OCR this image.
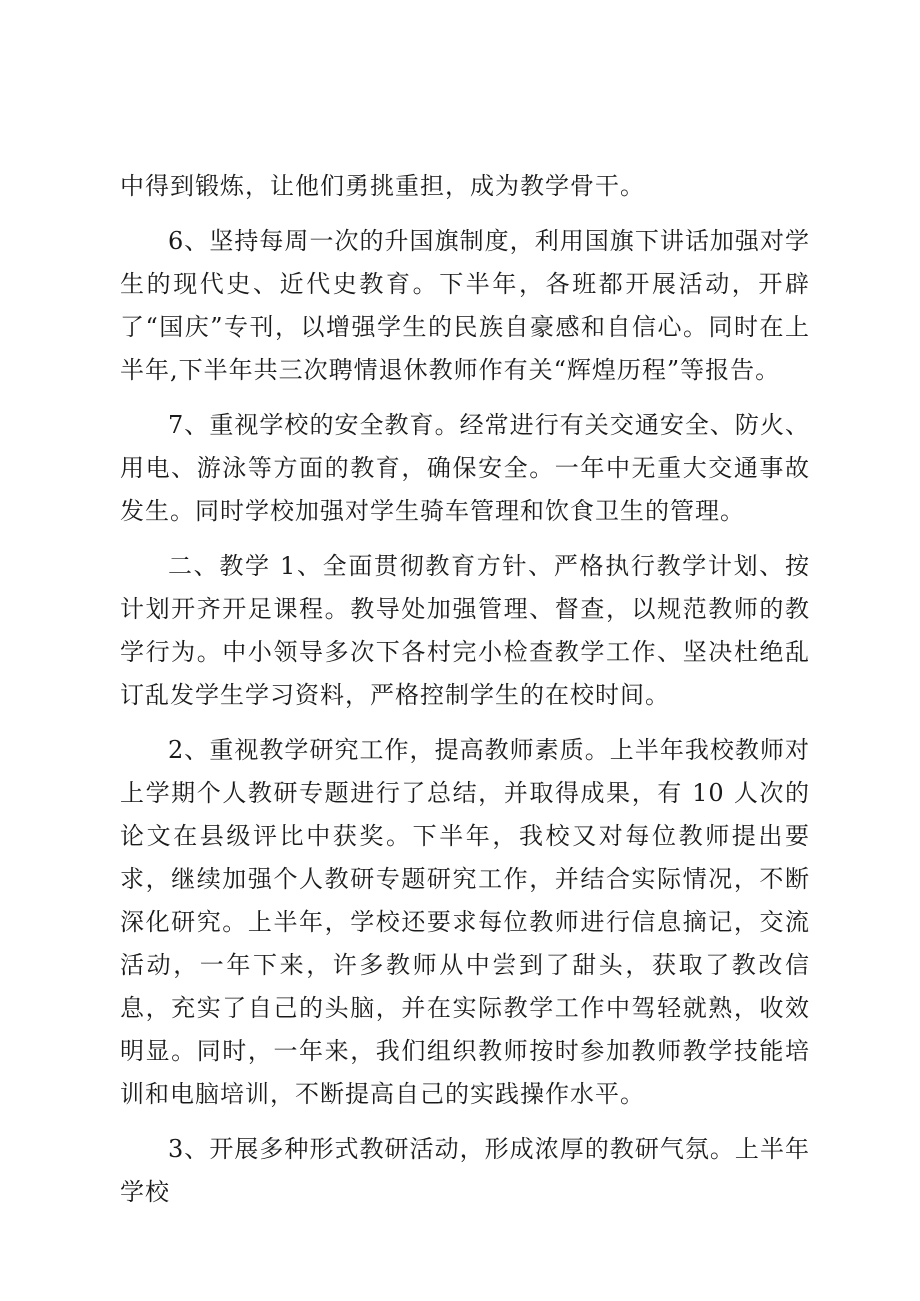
中得到锻炼，让他们勇挑重担，成为教学骨干。

6、坚持每周一次的升国旗制度，利用国旗下讲话加强对学生的现代史、近代史教育。下半年，各班都开展活动，开辟了“国庆”专刊，以增强学生的民族自豪感和自信心。同时在上半年,下半年共三次聘情退休教师作有关“辉煌历程”等报告。

7、重视学校的安全教育。经常进行有关交通安全、防火、用电、游泳等方面的教育，确保安全。一年中无重大交通事故发生。同时学校加强对学生骑车管理和饮食卫生的管理。

二、教学 1、全面贯彻教育方针、严格执行教学计划、按计划开齐开足课程。教导处加强管理、督查，以规范教师的教学行为。中小领导多次下各村完小检查教学工作、坚决杜绝乱订乱发学生学习资料，严格控制学生的在校时间。

2、重视教学研究工作，提高教师素质。上半年我校教师对上学期个人教研专题进行了总结，并取得成果，有 10 人次的论文在县级评比中获奖。下半年，我校又对每位教师提出要求，继续加强个人教研专题研究工作，并结合实际情况，不断深化研究。上半年，学校还要求每位教师进行信息摘记，交流活动，一年下来，许多教师从中尝到了甜头，获取了教改信息，充实了自己的头脑，并在实际教学工作中驾轻就熟，收效明显。同时，一年来，我们组织教师按时参加教师教学技能培训和电脑培训，不断提高自己的实践操作水平。

3、开展多种形式教研活动，形成浓厚的教研气氛。上半年学校
